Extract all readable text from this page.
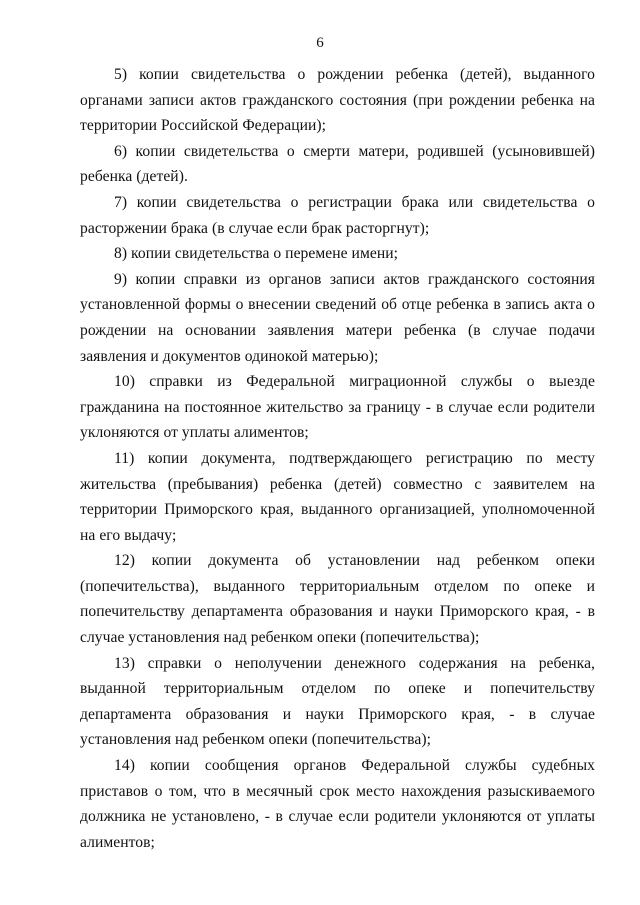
6

5) копии свидетельства о рождении ребенка (детей), выданного органами записи актов гражданского состояния (при рождении ребенка на территории Российской Федерации);

6) копии свидетельства о смерти матери, родившей (усыновившей) ребенка (детей).

7) копии свидетельства о регистрации брака или свидетельства о расторжении брака (в случае если брак расторгнут);

8) копии свидетельства о перемене имени;

9) копии справки из органов записи актов гражданского состояния установленной формы о внесении сведений об отце ребенка в запись акта о рождении на основании заявления матери ребенка (в случае подачи заявления и документов одинокой матерью);

10) справки из Федеральной миграционной службы о выезде гражданина на постоянное жительство за границу - в случае если родители уклоняются от уплаты алиментов;

11) копии документа, подтверждающего регистрацию по месту жительства (пребывания) ребенка (детей) совместно с заявителем на территории Приморского края, выданного организацией, уполномоченной на его выдачу;

12) копии документа об установлении над ребенком опеки (попечительства), выданного территориальным отделом по опеке и попечительству департамента образования и науки Приморского края, - в случае установления над ребенком опеки (попечительства);

13) справки о неполучении денежного содержания на ребенка, выданной территориальным отделом по опеке и попечительству департамента образования и науки Приморского края, - в случае установления над ребенком опеки (попечительства);

14) копии сообщения органов Федеральной службы судебных приставов о том, что в месячный срок место нахождения разыскиваемого должника не установлено, - в случае если родители уклоняются от уплаты алиментов;
